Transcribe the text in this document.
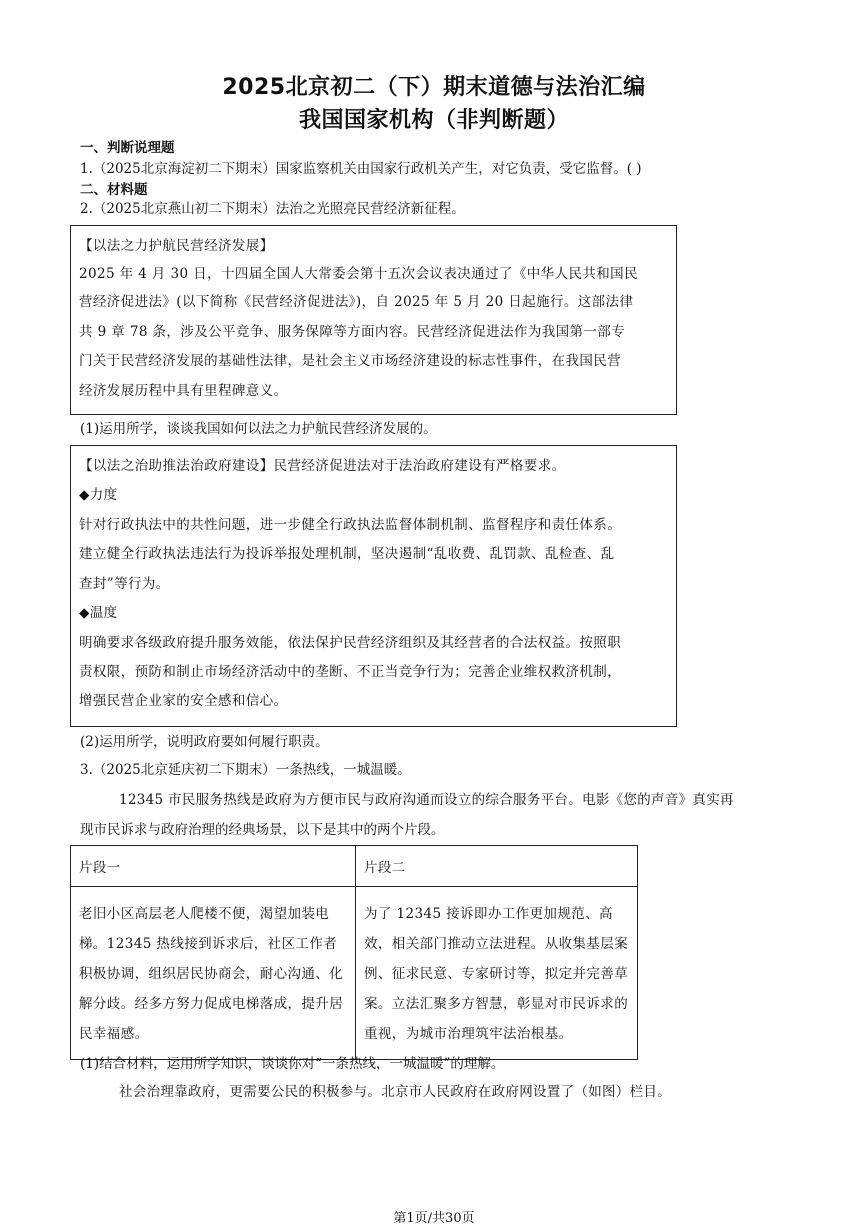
2025北京初二（下）期末道德与法治汇编
我国国家机构（非判断题）
一、判断说理题
1.（2025北京海淀初二下期末）国家监察机关由国家行政机关产生，对它负责，受它监督。( )
二、材料题
2.（2025北京燕山初二下期末）法治之光照亮民营经济新征程。

【以法之力护航民营经济发展】

2025 年 4 月 30 日，十四届全国人大常委会第十五次会议表决通过了《中华人民共和国民

营经济促进法》(以下简称《民营经济促进法》)，自 2025 年 5 月 20 日起施行。这部法律

共 9 章 78 条，涉及公平竞争、服务保障等方面内容。民营经济促进法作为我国第一部专

门关于民营经济发展的基础性法律，是社会主义市场经济建设的标志性事件，在我国民营

经济发展历程中具有里程碑意义。

(1)运用所学，谈谈我国如何以法之力护航民营经济发展的。

【以法之治助推法治政府建设】民营经济促进法对于法治政府建设有严格要求。

◆力度

针对行政执法中的共性问题，进一步健全行政执法监督体制机制、监督程序和责任体系。

建立健全行政执法违法行为投诉举报处理机制，坚决遏制“乱收费、乱罚款、乱检查、乱

查封”等行为。

◆温度

明确要求各级政府提升服务效能，依法保护民营经济组织及其经营者的合法权益。按照职

责权限，预防和制止市场经济活动中的垄断、不正当竞争行为；完善企业维权救济机制，

增强民营企业家的安全感和信心。

(2)运用所学，说明政府要如何履行职责。
3.（2025北京延庆初二下期末）一条热线，一城温暖。
12345 市民服务热线是政府为方便市民与政府沟通而设立的综合服务平台。电影《您的声音》真实再
现市民诉求与政府治理的经典场景，以下是其中的两个片段。
片段一	片段二
老旧小区高层老人爬楼不便，渴望加装电梯。12345 热线接到诉求后，社区工作者积极协调，组织居民协商会，耐心沟通、化解分歧。经多方努力促成电梯落成，提升居民幸福感。	为了 12345 接诉即办工作更加规范、高效，相关部门推动立法进程。从收集基层案例、征求民意、专家研讨等，拟定并完善草案。立法汇聚多方智慧，彰显对市民诉求的重视，为城市治理筑牢法治根基。
(1)结合材料，运用所学知识，谈谈你对“一条热线，一城温暖”的理解。
社会治理靠政府，更需要公民的积极参与。北京市人民政府在政府网设置了（如图）栏目。
第1页/共30页
